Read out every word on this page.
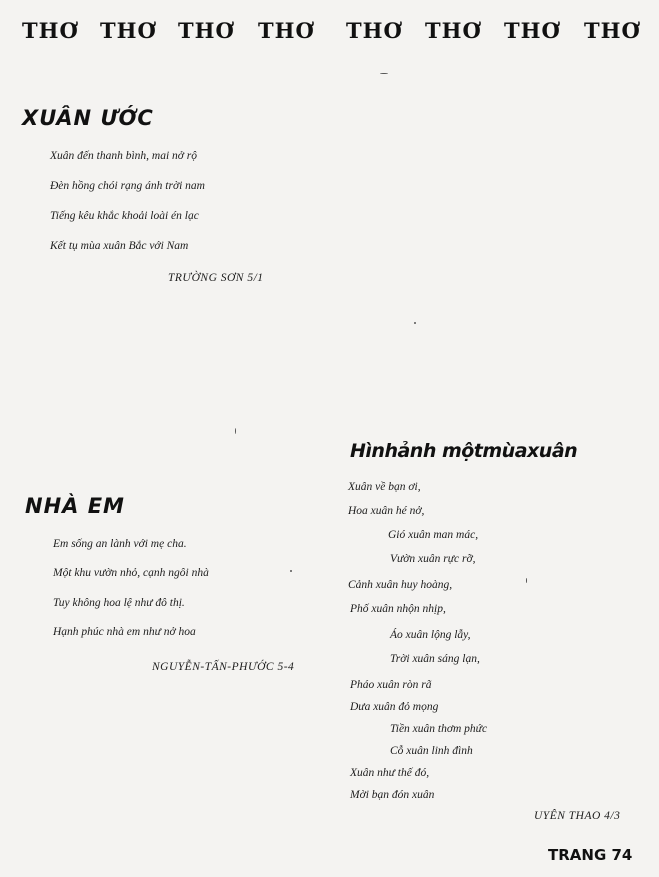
THƠ THƠ THƠ THƠ THƠ THƠ THƠ THƠ
XUÂN ƯỚC
Xuân đến thanh bình, mai nở rộ
Đèn hồng chói rạng ánh trời nam
Tiếng kêu khắc khoải loài én lạc
Kết tụ mùa xuân Bắc với Nam
TRƯỜNG SƠN 5/1
NHÀ EM
Em sống an lành với mẹ cha.
Một khu vườn nhỏ, cạnh ngôi nhà
Tuy không hoa lệ như đô thị.
Hạnh phúc nhà em như nở hoa
NGUYỄN-TẤN-PHƯỚC 5-4
Hìnhảnh mộtmùaxuân
Xuân về bạn ơi,
Hoa xuân hé nở,
Gió xuân man mác,
Vườn xuân rực rỡ,
Cảnh xuân huy hoàng,
Phố xuân nhộn nhịp,
Áo xuân lộng lẫy,
Trời xuân sáng lạn,
Pháo xuân ròn rã
Dưa xuân đỏ mọng
Tiền xuân thơm phức
Cỗ xuân linh đình
Xuân như thế đó,
Mời bạn đón xuân
UYÊN THAO 4/3
TRANG 74
